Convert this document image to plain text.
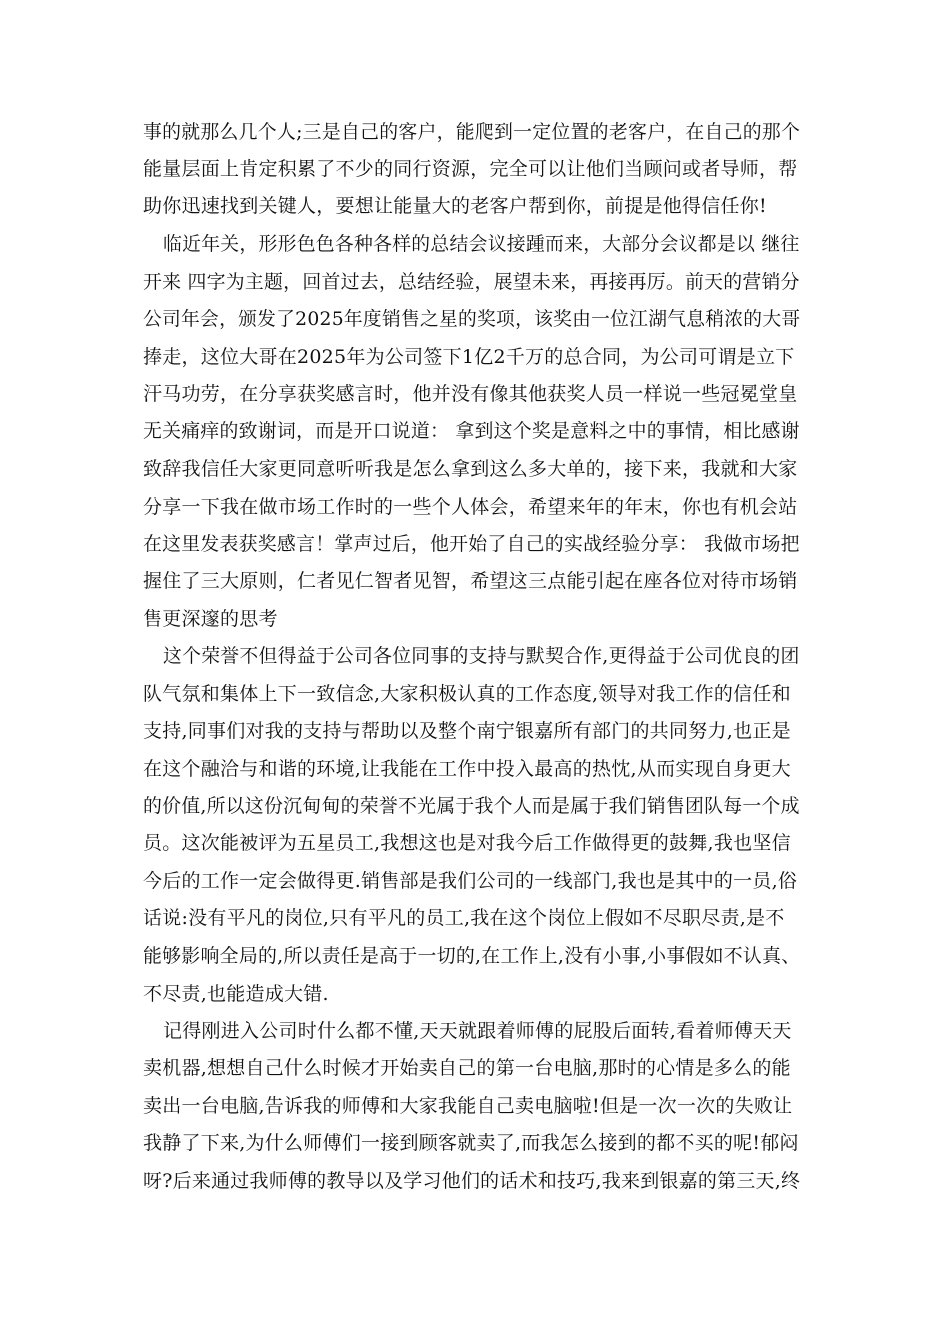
事的就那么几个人;三是自己的客户，能爬到一定位置的老客户，在自己的那个
能量层面上肯定积累了不少的同行资源，完全可以让他们当顾问或者导师，帮
助你迅速找到关键人，要想让能量大的老客户帮到你，前提是他得信任你!
临近年关，形形色色各种各样的总结会议接踵而来，大部分会议都是以 继往
开来 四字为主题，回首过去，总结经验，展望未来，再接再厉。前天的营销分
公司年会，颁发了2025年度销售之星的奖项，该奖由一位江湖气息稍浓的大哥
捧走，这位大哥在2025年为公司签下1亿2千万的总合同，为公司可谓是立下
汗马功劳，在分享获奖感言时，他并没有像其他获奖人员一样说一些冠冕堂皇
无关痛痒的致谢词，而是开口说道： 拿到这个奖是意料之中的事情，相比感谢
致辞我信任大家更同意听听我是怎么拿到这么多大单的，接下来，我就和大家
分享一下我在做市场工作时的一些个人体会，希望来年的年末，你也有机会站
在这里发表获奖感言！掌声过后，他开始了自己的实战经验分享： 我做市场把
握住了三大原则，仁者见仁智者见智，希望这三点能引起在座各位对待市场销
售更深邃的思考
这个荣誉不但得益于公司各位同事的支持与默契合作,更得益于公司优良的团
队气氛和集体上下一致信念,大家积极认真的工作态度,领导对我工作的信任和
支持,同事们对我的支持与帮助以及整个南宁银嘉所有部门的共同努力,也正是
在这个融洽与和谐的环境,让我能在工作中投入最高的热忱,从而实现自身更大
的价值,所以这份沉甸甸的荣誉不光属于我个人而是属于我们销售团队每一个成
员。这次能被评为五星员工,我想这也是对我今后工作做得更的鼓舞,我也坚信
今后的工作一定会做得更.销售部是我们公司的一线部门,我也是其中的一员,俗
话说:没有平凡的岗位,只有平凡的员工,我在这个岗位上假如不尽职尽责,是不
能够影响全局的,所以责任是高于一切的,在工作上,没有小事,小事假如不认真、
不尽责,也能造成大错.
记得刚进入公司时什么都不懂,天天就跟着师傅的屁股后面转,看着师傅天天
卖机器,想想自己什么时候才开始卖自己的第一台电脑,那时的心情是多么的能
卖出一台电脑,告诉我的师傅和大家我能自己卖电脑啦!但是一次一次的失败让
我静了下来,为什么师傅们一接到顾客就卖了,而我怎么接到的都不买的呢!郁闷
呀?后来通过我师傅的教导以及学习他们的话术和技巧,我来到银嘉的第三天,终
